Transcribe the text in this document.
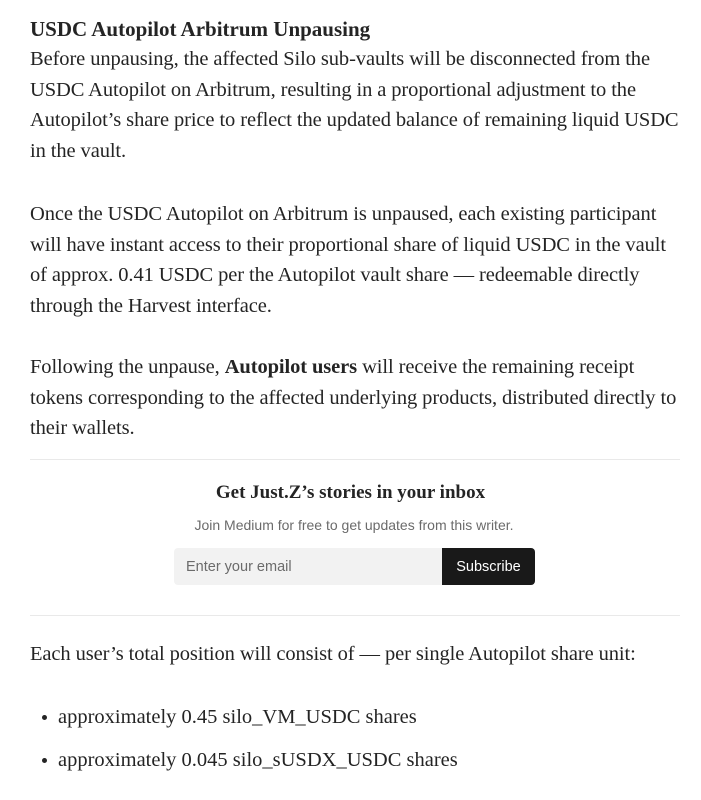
USDC Autopilot Arbitrum Unpausing

Before unpausing, the affected Silo sub-vaults will be disconnected from the USDC Autopilot on Arbitrum, resulting in a proportional adjustment to the Autopilot’s share price to reflect the updated balance of remaining liquid USDC in the vault.

Once the USDC Autopilot on Arbitrum is unpaused, each existing participant will have instant access to their proportional share of liquid USDC in the vault of approx. 0.41 USDC per the Autopilot vault share — redeemable directly through the Harvest interface.

Following the unpause, Autopilot users will receive the remaining receipt tokens corresponding to the affected underlying products, distributed directly to their wallets.

Get Just.Z’s stories in your inbox

Join Medium for free to get updates from this writer.

Enter your email
Subscribe

Each user’s total position will consist of — per single Autopilot share unit:

approximately 0.45 silo_VM_USDC shares
approximately 0.045 silo_sUSDX_USDC shares
